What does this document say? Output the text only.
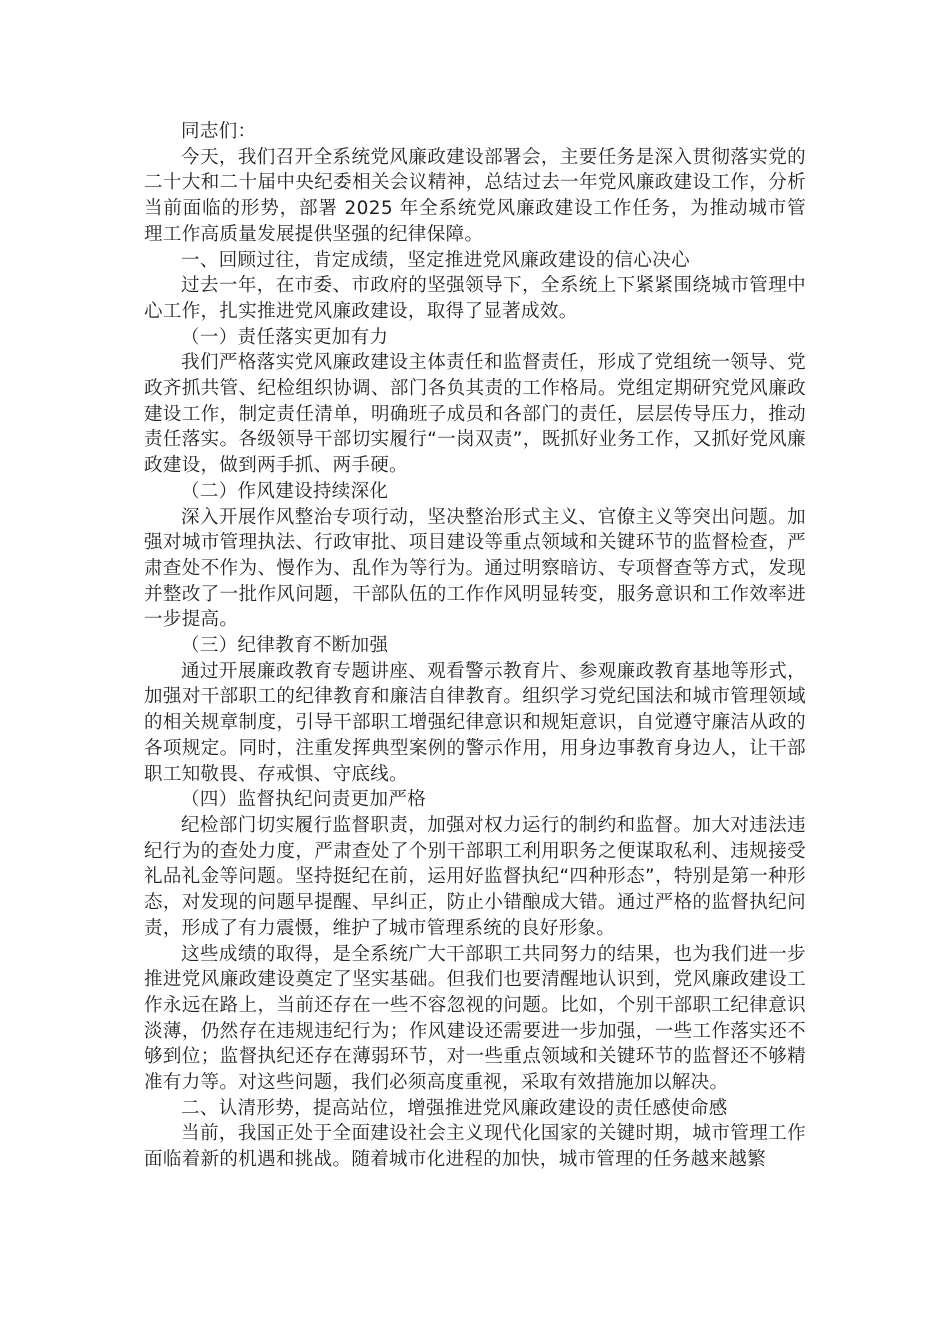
同志们：

今天，我们召开全系统党风廉政建设部署会，主要任务是深入贯彻落实党的二十大和二十届中央纪委相关会议精神，总结过去一年党风廉政建设工作，分析当前面临的形势，部署 2025 年全系统党风廉政建设工作任务，为推动城市管理工作高质量发展提供坚强的纪律保障。

一、回顾过往，肯定成绩，坚定推进党风廉政建设的信心决心

过去一年，在市委、市政府的坚强领导下，全系统上下紧紧围绕城市管理中心工作，扎实推进党风廉政建设，取得了显著成效。

（一）责任落实更加有力

我们严格落实党风廉政建设主体责任和监督责任，形成了党组统一领导、党政齐抓共管、纪检组织协调、部门各负其责的工作格局。党组定期研究党风廉政建设工作，制定责任清单，明确班子成员和各部门的责任，层层传导压力，推动责任落实。各级领导干部切实履行“一岗双责”，既抓好业务工作，又抓好党风廉政建设，做到两手抓、两手硬。

（二）作风建设持续深化

深入开展作风整治专项行动，坚决整治形式主义、官僚主义等突出问题。加强对城市管理执法、行政审批、项目建设等重点领域和关键环节的监督检查，严肃查处不作为、慢作为、乱作为等行为。通过明察暗访、专项督查等方式，发现并整改了一批作风问题，干部队伍的工作作风明显转变，服务意识和工作效率进一步提高。

（三）纪律教育不断加强

通过开展廉政教育专题讲座、观看警示教育片、参观廉政教育基地等形式，加强对干部职工的纪律教育和廉洁自律教育。组织学习党纪国法和城市管理领域的相关规章制度，引导干部职工增强纪律意识和规矩意识，自觉遵守廉洁从政的各项规定。同时，注重发挥典型案例的警示作用，用身边事教育身边人，让干部职工知敬畏、存戒惧、守底线。

（四）监督执纪问责更加严格

纪检部门切实履行监督职责，加强对权力运行的制约和监督。加大对违法违纪行为的查处力度，严肃查处了个别干部职工利用职务之便谋取私利、违规接受礼品礼金等问题。坚持挺纪在前，运用好监督执纪“四种形态”，特别是第一种形态，对发现的问题早提醒、早纠正，防止小错酿成大错。通过严格的监督执纪问责，形成了有力震慑，维护了城市管理系统的良好形象。

这些成绩的取得，是全系统广大干部职工共同努力的结果，也为我们进一步推进党风廉政建设奠定了坚实基础。但我们也要清醒地认识到，党风廉政建设工作永远在路上，当前还存在一些不容忽视的问题。比如，个别干部职工纪律意识淡薄，仍然存在违规违纪行为；作风建设还需要进一步加强，一些工作落实还不够到位；监督执纪还存在薄弱环节，对一些重点领域和关键环节的监督还不够精准有力等。对这些问题，我们必须高度重视，采取有效措施加以解决。

二、认清形势，提高站位，增强推进党风廉政建设的责任感使命感

当前，我国正处于全面建设社会主义现代化国家的关键时期，城市管理工作面临着新的机遇和挑战。随着城市化进程的加快，城市管理的任务越来越繁
